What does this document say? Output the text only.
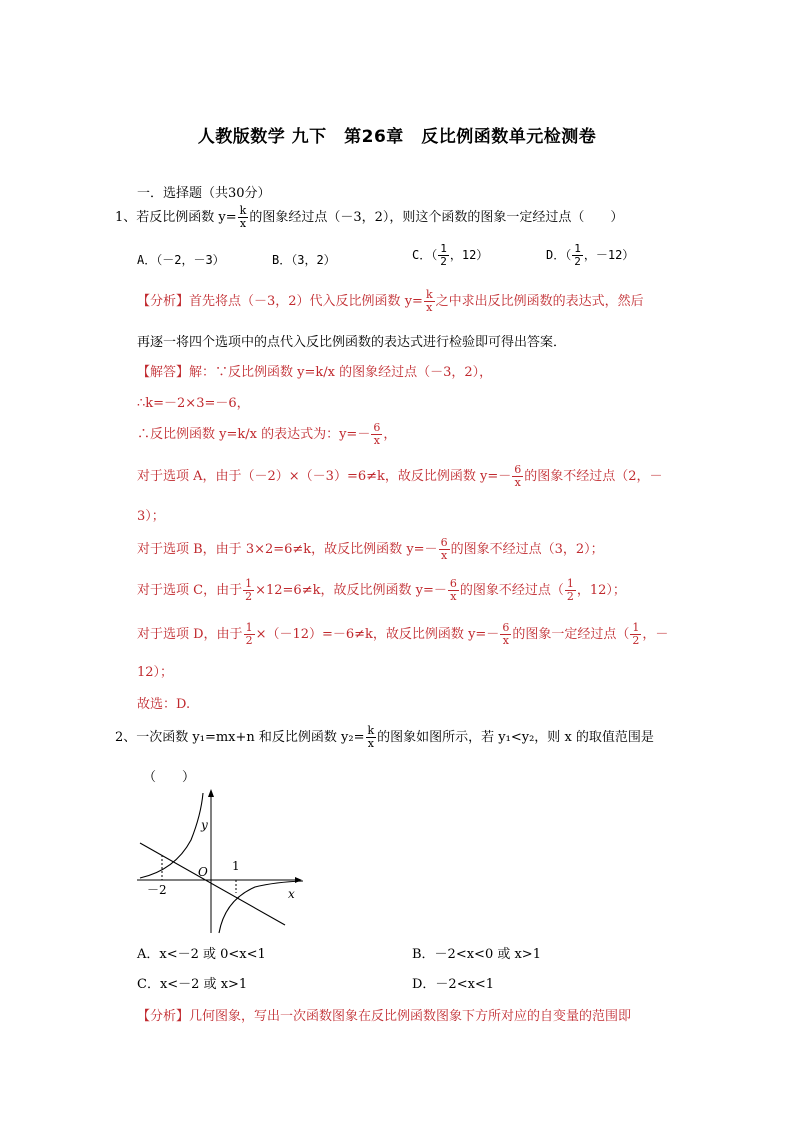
人教版数学 九下　第26章　反比例函数单元检测卷
一．选择题（共30分）
1、若反比例函数 $y= \frac{k}{x}$ 的图象经过点（－3，2），则这个函数的图象一定经过点（　　）
A．（－2，－3）	B．（3，2）	C．（ $\frac{1}{2}$ ，12）	D．（ $\frac{1}{2}$ ，－12）
【分析】首先将点（－3，2）代入反比例函数 $y= \frac{k}{x}$ 之中求出反比例函数的表达式，然后
再逐一将四个选项中的点代入反比例函数的表达式进行检验即可得出答案．
【解答】解：∵反比例函数 y=k/x 的图象经过点（－3，2），
∴k=－2×3=－6，
∴反比例函数 y=k/x 的表达式为：$y=- \frac{6}{x}$ ，
对于选项 A，由于（－2）×（－3）=6≠k，故反比例函数 $y=- \frac{6}{x}$ 的图象不经过点（2，－
3）；
对于选项 B，由于 3×2=6≠k，故反比例函数 $y=- \frac{6}{x}$ 的图象不经过点（3，2）；
对于选项 C，由于 $\frac{1}{2} \times 12=6\ne k$，故反比例函数 $y=- \frac{6}{x}$ 的图象不经过点（ $\frac{1}{2}$ ，12）；
对于选项 D，由于 $\frac{1}{2} \times(-12)=-6\ne k$，故反比例函数 $y=- \frac{6}{x}$ 的图象一定经过点（ $\frac{1}{2}$ ，－
12）；
故选：D.
2、一次函数 y₁=mx+n 和反比例函数 $y_2= \frac{k}{x}$ 的图象如图所示，若 y₁<y₂，则 x 的取值范围是
（　　）
y
x
O 1
－2
A．x<－2 或 0<x<1	B．－2<x<0 或 x>1
C．x<－2 或 x>1	D．－2<x<1
【分析】几何图象，写出一次函数图象在反比例函数图象下方所对应的自变量的范围即
